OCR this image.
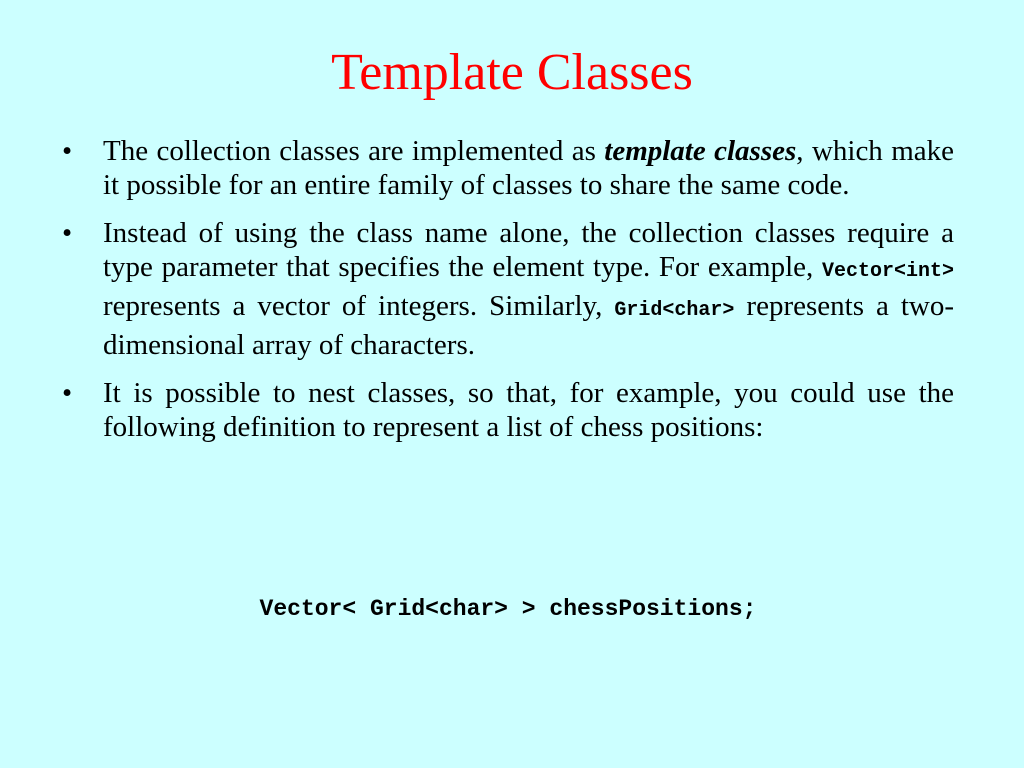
Template Classes
• The collection classes are implemented as template classes, which make it possible for an entire family of classes to share the same code.
• Instead of using the class name alone, the collection classes require a type parameter that specifies the element type. For example, Vector<int> represents a vector of integers. Similarly, Grid<char> represents a two-dimensional array of characters.
• It is possible to nest classes, so that, for example, you could use the following definition to represent a list of chess positions:
Vector< Grid<char> > chessPositions;
